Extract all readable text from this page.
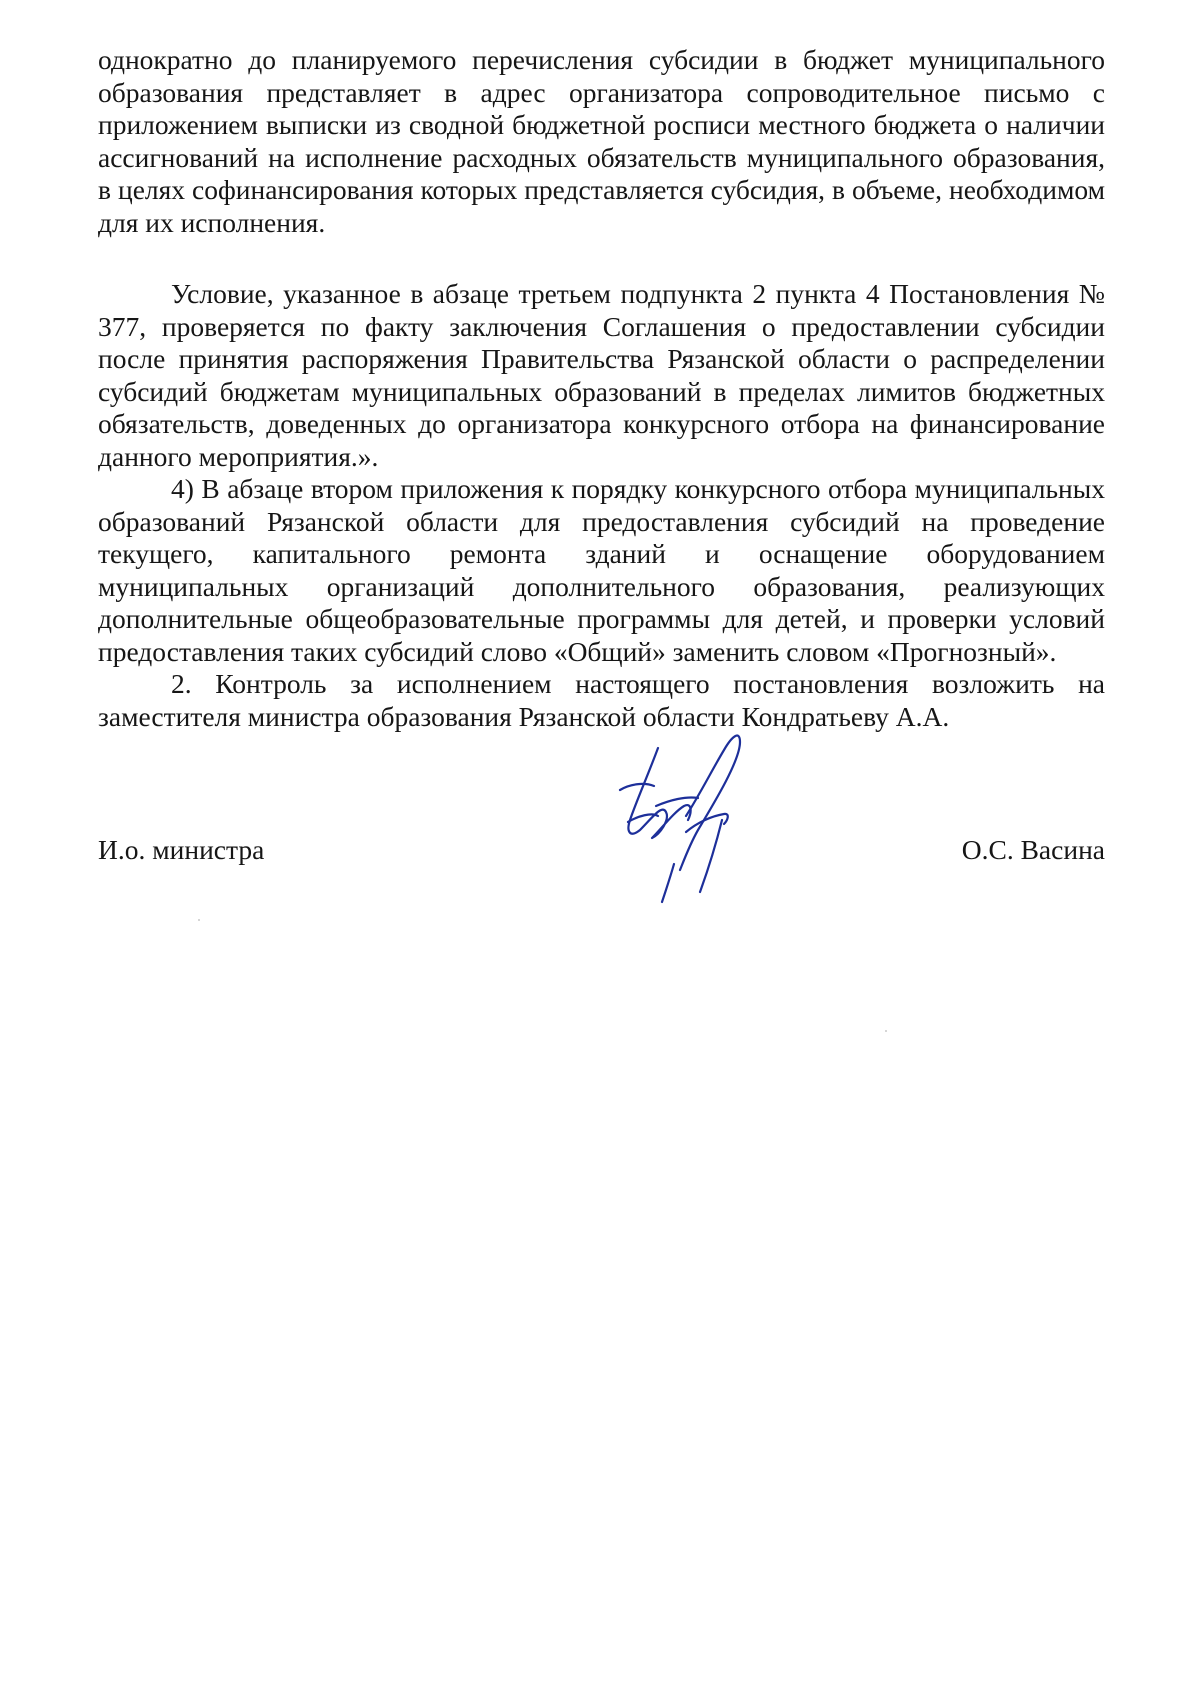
однократно до планируемого перечисления субсидии в бюджет муниципального образования представляет в адрес организатора сопроводительное письмо с приложением выписки из сводной бюджетной росписи местного бюджета о наличии ассигнований на исполнение расходных обязательств муниципального образования, в целях софинансирования которых представляется субсидия, в объеме, необходимом для их исполнения.

Условие, указанное в абзаце третьем подпункта 2 пункта 4 Постановления № 377, проверяется по факту заключения Соглашения о предоставлении субсидии после принятия распоряжения Правительства Рязанской области о распределении субсидий бюджетам муниципальных образований в пределах лимитов бюджетных обязательств, доведенных до организатора конкурсного отбора на финансирование данного мероприятия.».

4) В абзаце втором приложения к порядку конкурсного отбора муниципальных образований Рязанской области для предоставления субсидий на проведение текущего, капитального ремонта зданий и оснащение оборудованием муниципальных организаций дополнительного образования, реализующих дополнительные общеобразовательные программы для детей, и проверки условий предоставления таких субсидий слово «Общий» заменить словом «Прогнозный».

2. Контроль за исполнением настоящего постановления возложить на заместителя министра образования Рязанской области Кондратьеву А.А.

И.о. министра	О.С. Васина
